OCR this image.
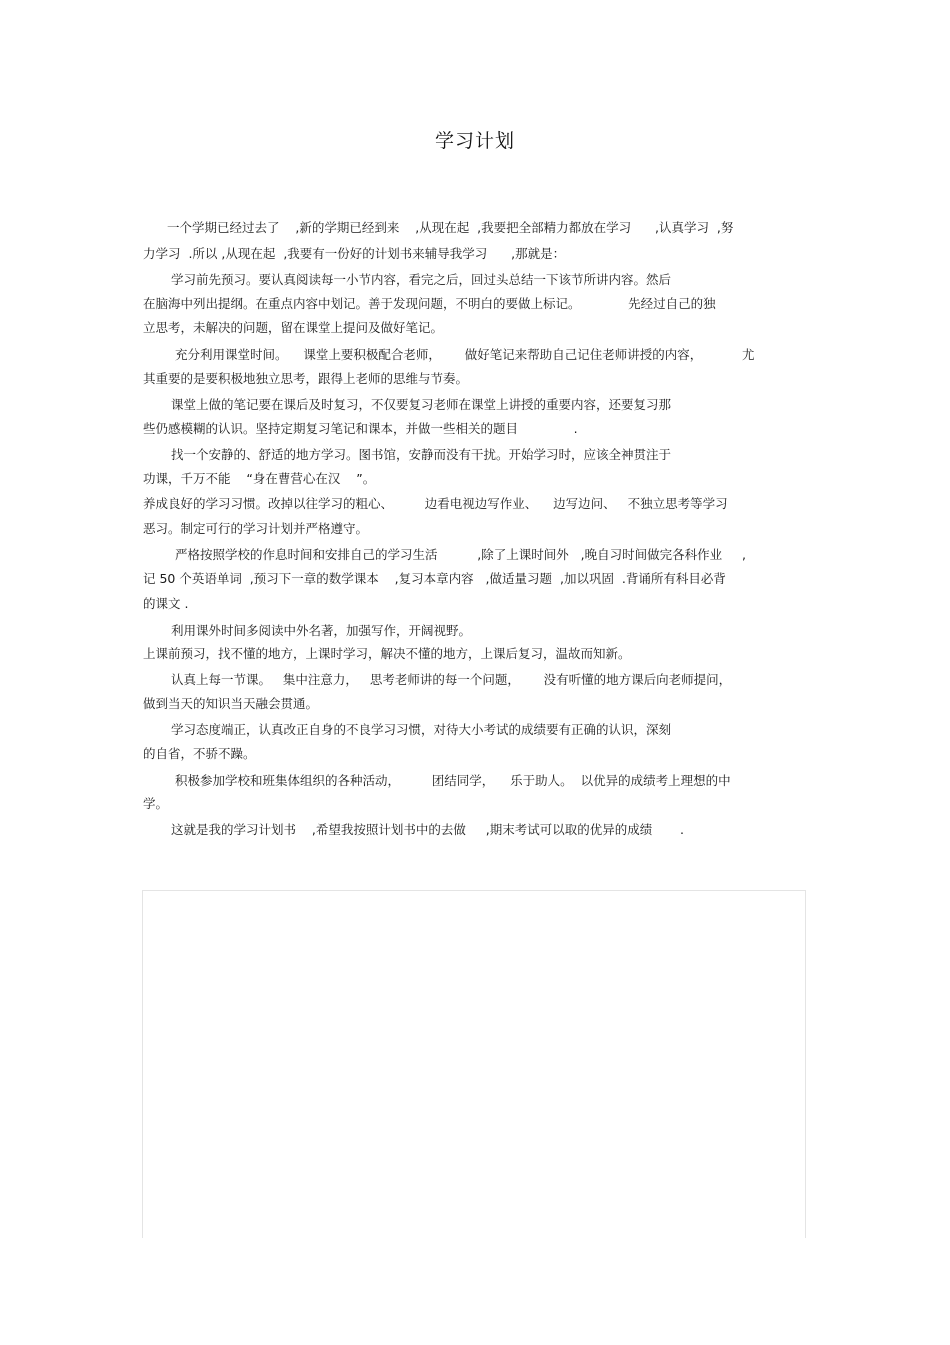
学习计划
一个学期已经过去了    ,新的学期已经到来    ,从现在起  ,我要把全部精力都放在学习      ,认真学习  ,努
力学习  .所以 ,从现在起  ,我要有一份好的计划书来辅导我学习      ,那就是：
学习前先预习。要认真阅读每一小节内容，看完之后，回过头总结一下该节所讲内容。然后
在脑海中列出提纲。在重点内容中划记。善于发现问题，不明白的要做上标记。            先经过自己的独
立思考，未解决的问题，留在课堂上提问及做好笔记。
充分利用课堂时间。    课堂上要积极配合老师，      做好笔记来帮助自己记住老师讲授的内容，          尤
其重要的是要积极地独立思考，跟得上老师的思维与节奏。
课堂上做的笔记要在课后及时复习，不仅要复习老师在课堂上讲授的重要内容，还要复习那
些仍感模糊的认识。坚持定期复习笔记和课本，并做一些相关的题目              .
找一个安静的、舒适的地方学习。图书馆，安静而没有干扰。开始学习时，应该全神贯注于
功课，千万不能    “身在曹营心在汉    ”。
养成良好的学习习惯。改掉以往学习的粗心、        边看电视边写作业、    边写边问、   不独立思考等学习
恶习。制定可行的学习计划并严格遵守。
严格按照学校的作息时间和安排自己的学习生活          ,除了上课时间外   ,晚自习时间做完各科作业     ,
记 50 个英语单词  ,预习下一章的数学课本    ,复习本章内容   ,做适量习题  ,加以巩固  .背诵所有科目必背
的课文 .
利用课外时间多阅读中外名著，加强写作，开阔视野。
上课前预习，找不懂的地方，上课时学习，解决不懂的地方，上课后复习，温故而知新。
认真上每一节课。   集中注意力，   思考老师讲的每一个问题，      没有听懂的地方课后向老师提问，
做到当天的知识当天融会贯通。
学习态度端正，认真改正自身的不良学习习惯，对待大小考试的成绩要有正确的认识，深刻
的自省，不骄不躁。
积极参加学校和班集体组织的各种活动，        团结同学，    乐于助人。  以优异的成绩考上理想的中
学。
这就是我的学习计划书    ,希望我按照计划书中的去做     ,期末考试可以取的优异的成绩       .
